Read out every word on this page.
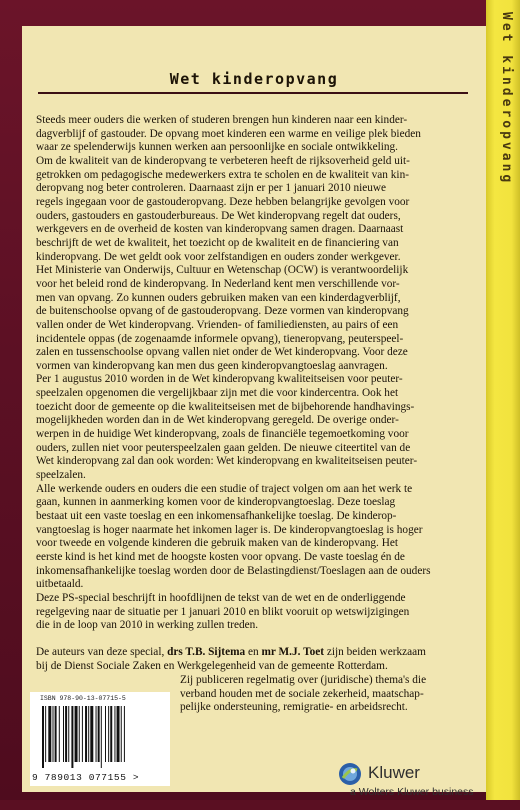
Wet kinderopvang
Wet kinderopvang

Steeds meer ouders die werken of studeren brengen hun kinderen naar een kinder-

dagverblijf of gastouder. De opvang moet kinderen een warme en veilige plek bieden

waar ze spelenderwijs kunnen werken aan persoonlijke en sociale ontwikkeling.

Om de kwaliteit van de kinderopvang te verbeteren heeft de rijksoverheid geld uit-

getrokken om pedagogische medewerkers extra te scholen en de kwaliteit van kin-

deropvang nog beter controleren. Daarnaast zijn er per 1 januari 2010 nieuwe

regels ingegaan voor de gastouderopvang. Deze hebben belangrijke gevolgen voor

ouders, gastouders en gastouderbureaus. De Wet kinderopvang regelt dat ouders,

werkgevers en de overheid de kosten van kinderopvang samen dragen. Daarnaast

beschrijft de wet de kwaliteit, het toezicht op de kwaliteit en de financiering van

kinderopvang. De wet geldt ook voor zelfstandigen en ouders zonder werkgever.

Het Ministerie van Onderwijs, Cultuur en Wetenschap (OCW) is verantwoordelijk

voor het beleid rond de kinderopvang. In Nederland kent men verschillende vor-

men van opvang. Zo kunnen ouders gebruiken maken van een kinderdagverblijf,

de buitenschoolse opvang of de gastouderopvang. Deze vormen van kinderopvang

vallen onder de Wet kinderopvang. Vrienden- of familiediensten, au pairs of een

incidentele oppas (de zogenaamde informele opvang), tieneropvang, peuterspeel-

zalen en tussenschoolse opvang vallen niet onder de Wet kinderopvang. Voor deze

vormen van kinderopvang kan men dus geen kinderopvangtoeslag aanvragen.

Per 1 augustus 2010 worden in de Wet kinderopvang kwaliteitseisen voor peuter-

speelzalen opgenomen die vergelijkbaar zijn met die voor kindercentra. Ook het

toezicht door de gemeente op die kwaliteitseisen met de bijbehorende handhavings-

mogelijkheden worden dan in de Wet kinderopvang geregeld. De overige onder-

werpen in de huidige Wet kinderopvang, zoals de financiële tegemoetkoming voor

ouders, zullen niet voor peuterspeelzalen gaan gelden. De nieuwe citeertitel van de

Wet kinderopvang zal dan ook worden: Wet kinderopvang en kwaliteitseisen peuter-

speelzalen.

Alle werkende ouders en ouders die een studie of traject volgen om aan het werk te

gaan, kunnen in aanmerking komen voor de kinderopvangtoeslag. Deze toeslag

bestaat uit een vaste toeslag en een inkomensafhankelijke toeslag. De kinderop-

vangtoeslag is hoger naarmate het inkomen lager is. De kinderopvangtoeslag is hoger

voor tweede en volgende kinderen die gebruik maken van de kinderopvang. Het

eerste kind is het kind met de hoogste kosten voor opvang. De vaste toeslag én de

inkomensafhankelijke toeslag worden door de Belastingdienst/Toeslagen aan de ouders

uitbetaald.

Deze PS-special beschrijft in hoofdlijnen de tekst van de wet en de onderliggende

regelgeving naar de situatie per 1 januari 2010 en blikt vooruit op wetswijzigingen

die in de loop van 2010 in werking zullen treden.

De auteurs van deze special, drs T.B. Sijtema en mr M.J. Toet zijn beiden werkzaam
bij de Dienst Sociale Zaken en Werkgelegenheid van de gemeente Rotterdam.

Zij publiceren regelmatig over (juridische) thema's die
verband houden met de sociale zekerheid, maatschap-
pelijke ondersteuning, remigratie- en arbeidsrecht.

ISBN 978-90-13-07715-5
9 789013 077155 >	Kluwer
a Wolters Kluwer business
